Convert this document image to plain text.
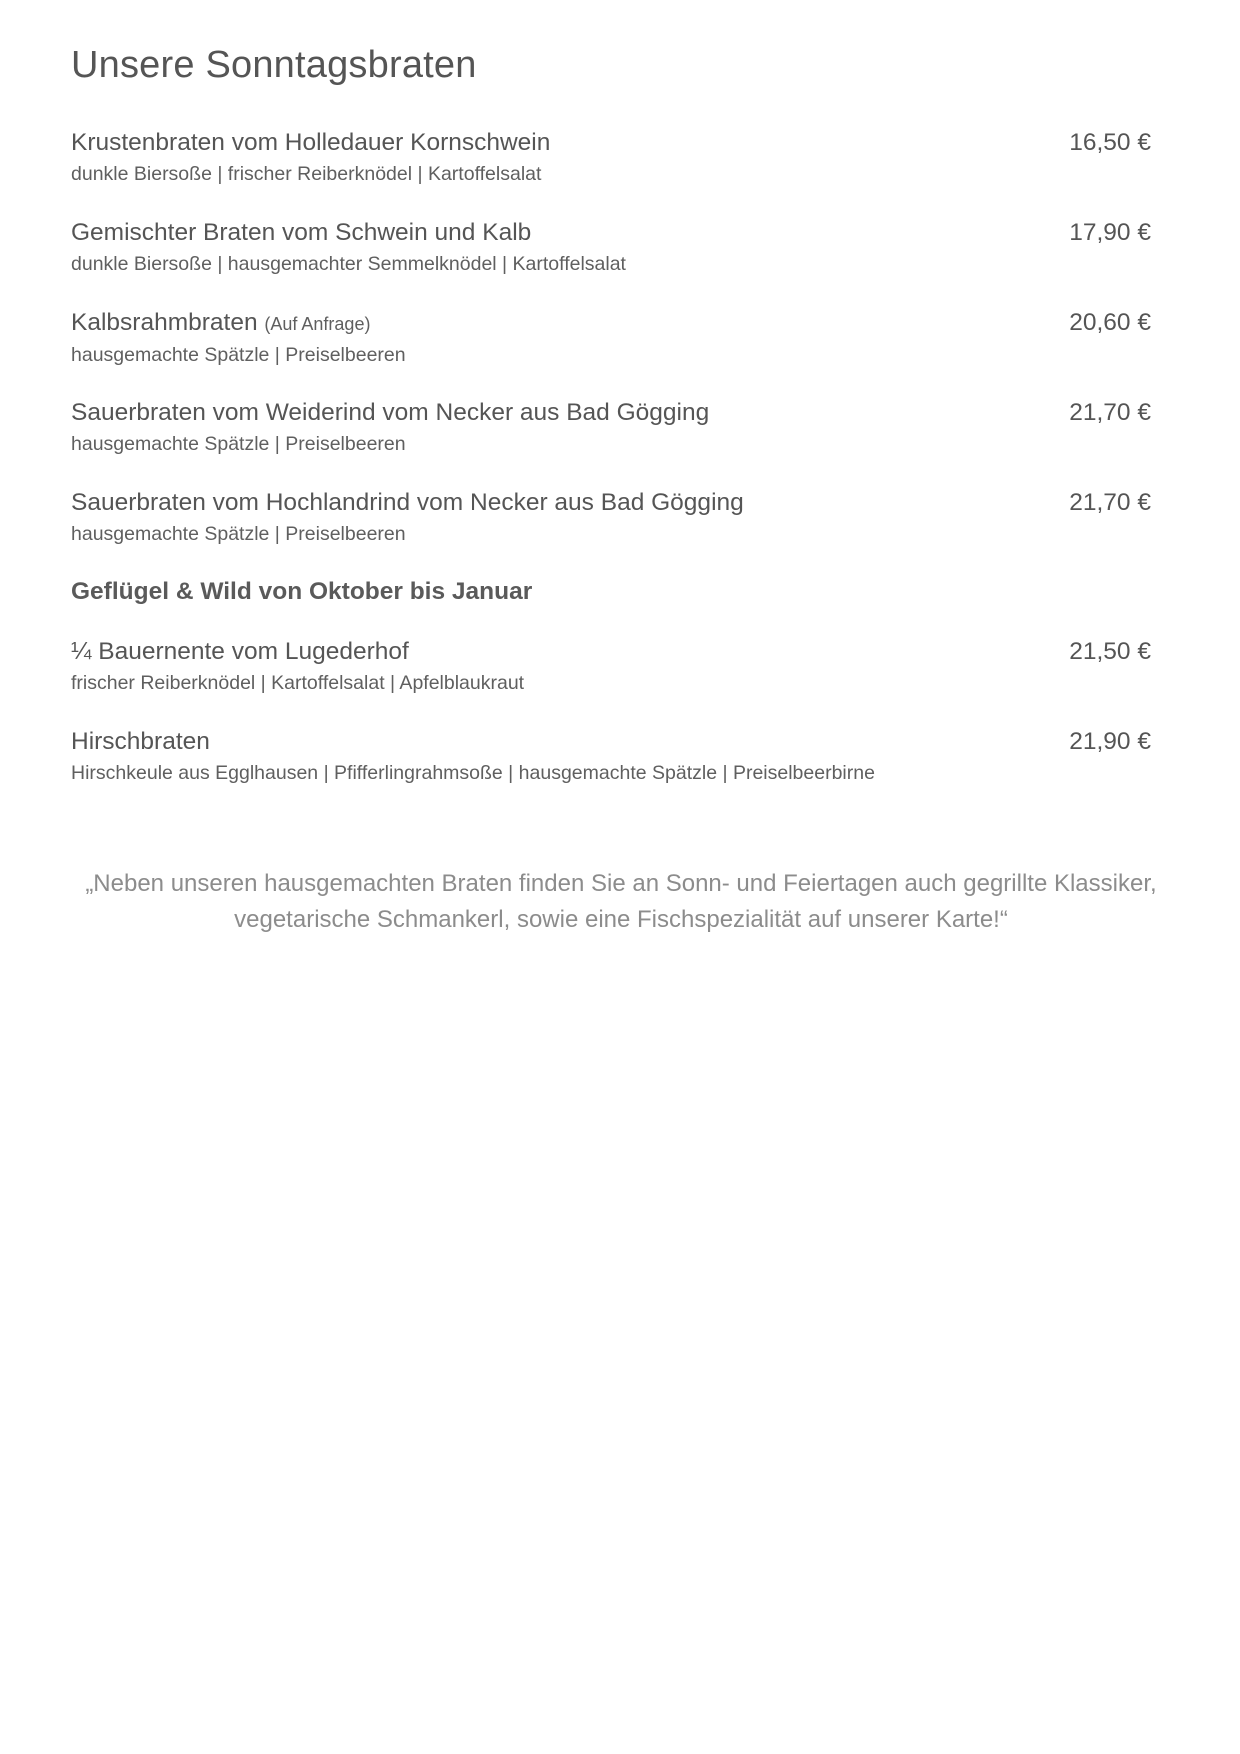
Unsere Sonntagsbraten
Krustenbraten vom Holledauer Kornschwein
dunkle Biersoße | frischer Reiberknödel | Kartoffelsalat
16,50 €
Gemischter Braten vom Schwein und Kalb
dunkle Biersoße | hausgemachter Semmelknödel | Kartoffelsalat
17,90 €
Kalbsrahmbraten (Auf Anfrage)
hausgemachte Spätzle | Preiselbeeren
20,60 €
Sauerbraten vom Weiderind vom Necker aus Bad Gögging
hausgemachte Spätzle | Preiselbeeren
21,70 €
Sauerbraten vom Hochlandrind vom Necker aus Bad Gögging
hausgemachte Spätzle | Preiselbeeren
21,70 €
Geflügel & Wild von Oktober bis Januar
¼ Bauernente vom Lugederhof
frischer Reiberknödel | Kartoffelsalat | Apfelblaukraut
21,50 €
Hirschbraten
Hirschkeule aus Egglhausen | Pfifferlingrahmsoße | hausgemachte Spätzle | Preiselbeerbirne
21,90 €

„Neben unseren hausgemachten Braten finden Sie an Sonn- und Feiertagen auch gegrillte Klassiker, vegetarische Schmankerl, sowie eine Fischspezialität auf unserer Karte!“
